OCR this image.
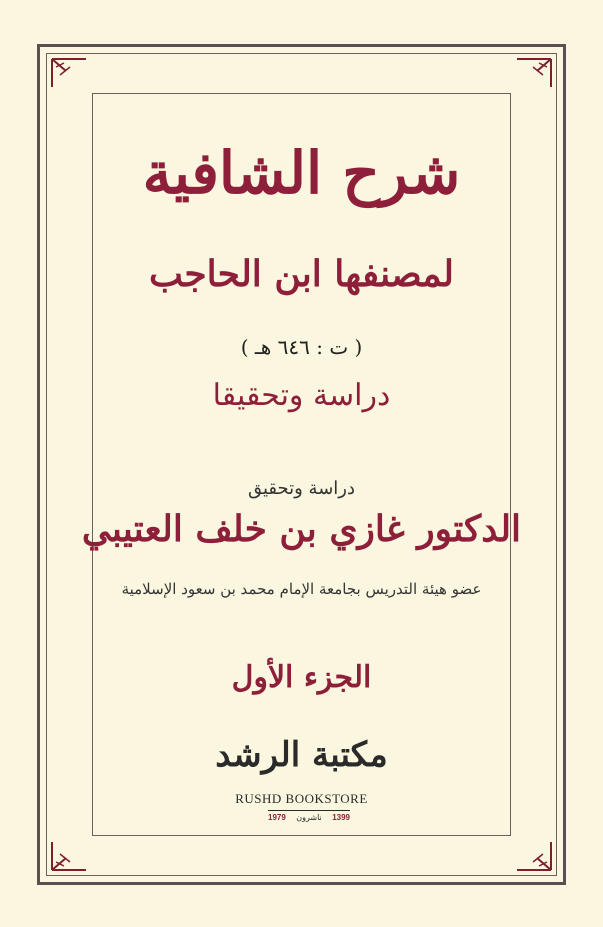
شرح الشافية
لمصنفها ابن الحاجب
( ت : ٦٤٦ هـ )
دراسة وتحقيقا
دراسة وتحقيق
الدكتور غازي بن خلف العتيبي
عضو هيئة التدريس بجامعة الإمام محمد بن سعود الإسلامية
الجزء الأول
مكتبة الرشد
RUSHD BOOKSTORE
1979 ناشرون 1399
